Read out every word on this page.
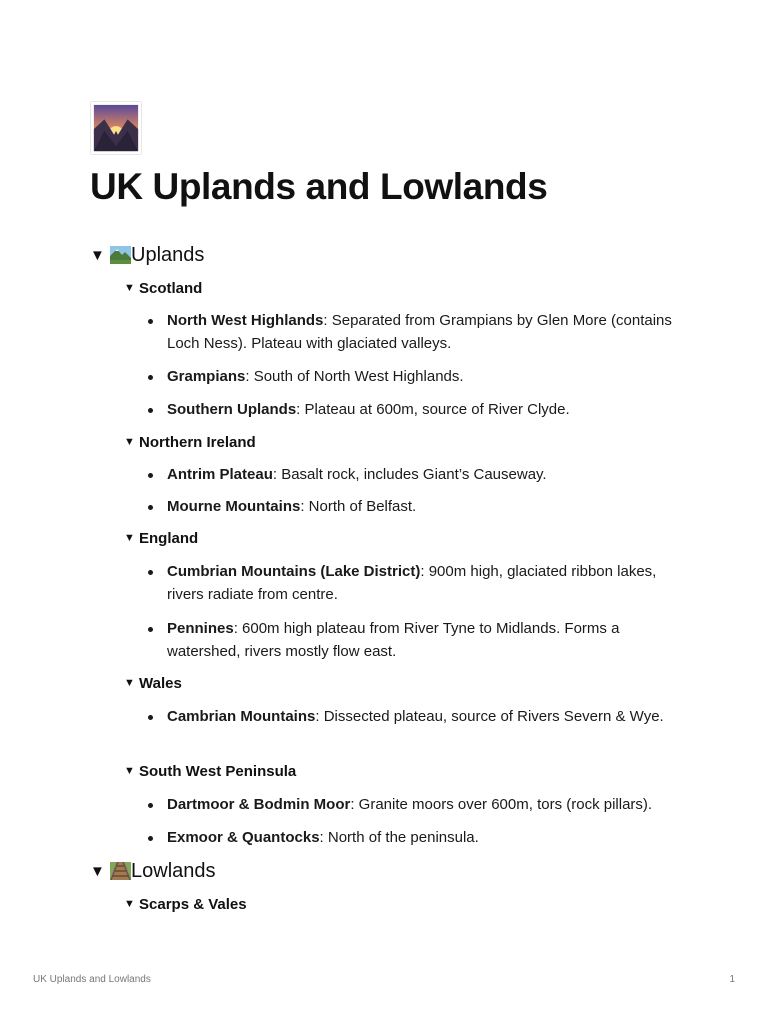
UK Uplands and Lowlands
▼ Uplands
▼ Scotland
North West Highlands: Separated from Grampians by Glen More (contains Loch Ness). Plateau with glaciated valleys.
Grampians: South of North West Highlands.
Southern Uplands: Plateau at 600m, source of River Clyde.
▼ Northern Ireland
Antrim Plateau: Basalt rock, includes Giant’s Causeway.
Mourne Mountains: North of Belfast.
▼ England
Cumbrian Mountains (Lake District): 900m high, glaciated ribbon lakes, rivers radiate from centre.
Pennines: 600m high plateau from River Tyne to Midlands. Forms a watershed, rivers mostly flow east.
▼ Wales
Cambrian Mountains: Dissected plateau, source of Rivers Severn & Wye.
▼ South West Peninsula
Dartmoor & Bodmin Moor: Granite moors over 600m, tors (rock pillars).
Exmoor & Quantocks: North of the peninsula.
▼ Lowlands
▼ Scarps & Vales
UK Uplands and Lowlands	1
